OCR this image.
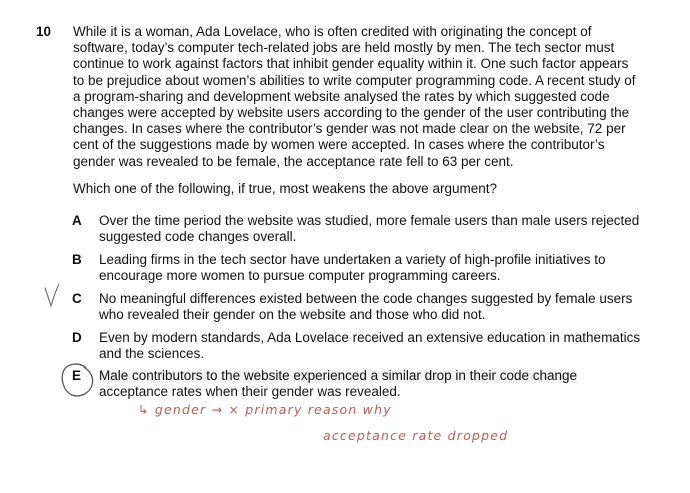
10 While it is a woman, Ada Lovelace, who is often credited with originating the concept of
software, today’s computer tech-related jobs are held mostly by men. The tech sector must
continue to work against factors that inhibit gender equality within it. One such factor appears
to be prejudice about women’s abilities to write computer programming code. A recent study of
a program-sharing and development website analysed the rates by which suggested code
changes were accepted by website users according to the gender of the user contributing the
changes. In cases where the contributor’s gender was not made clear on the website, 72 per
cent of the suggestions made by women were accepted. In cases where the contributor’s
gender was revealed to be female, the acceptance rate fell to 63 per cent.
Which one of the following, if true, most weakens the above argument?
A Over the time period the website was studied, more female users than male users rejected
suggested code changes overall.
B Leading firms in the tech sector have undertaken a variety of high-profile initiatives to
encourage more women to pursue computer programming careers.
C No meaningful differences existed between the code changes suggested by female users
who revealed their gender on the website and those who did not.
D Even by modern standards, Ada Lovelace received an extensive education in mathematics
and the sciences.
E Male contributors to the website experienced a similar drop in their code change
acceptance rates when their gender was revealed.
↳ gender → × primary reason why
acceptance rate dropped
